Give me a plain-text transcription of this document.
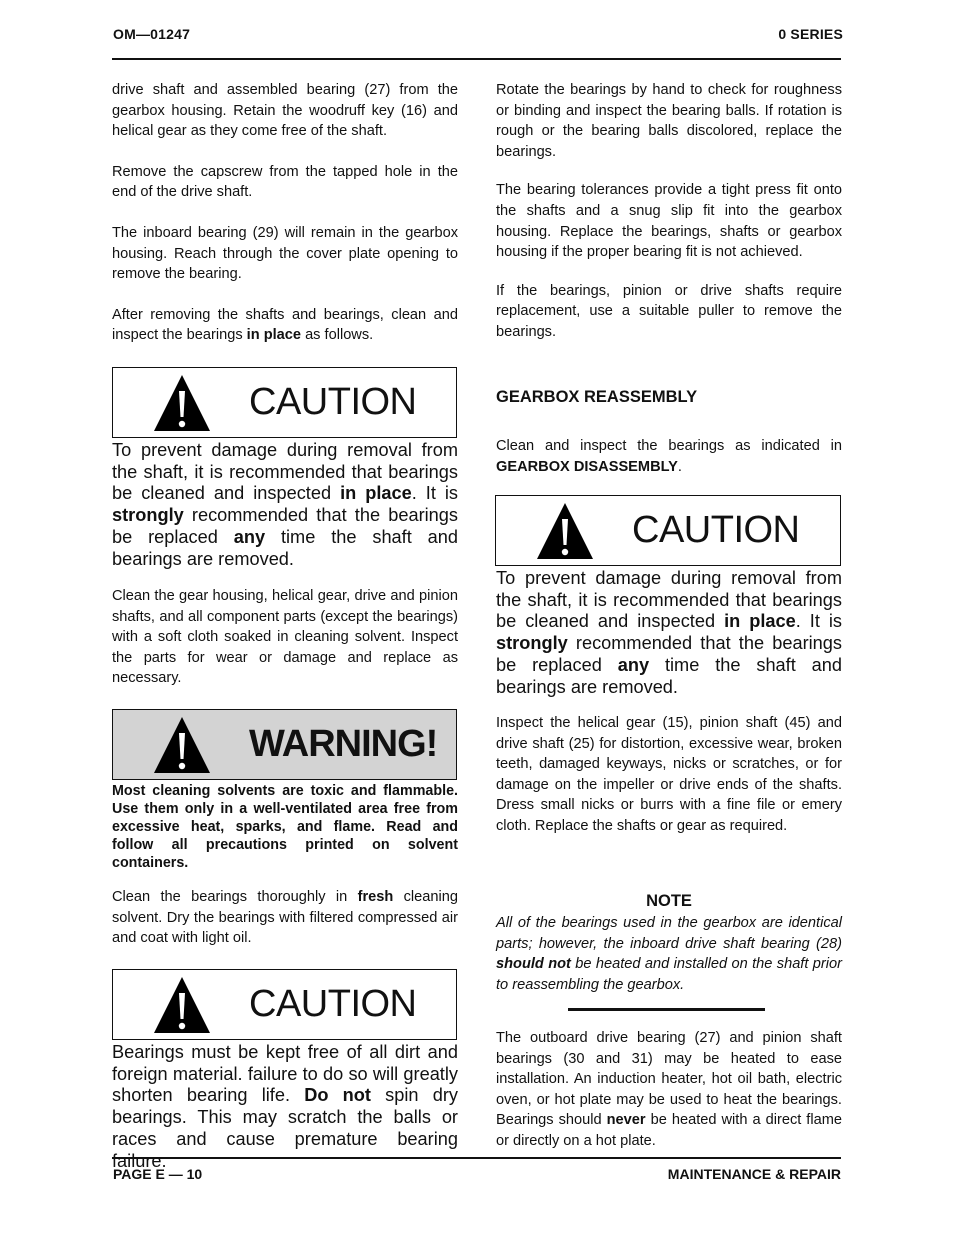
OM—01247	0 SERIES

drive shaft and assembled bearing (27) from the gearbox housing. Retain the woodruff key (16) and helical gear as they come free of the shaft.

Remove the capscrew from the tapped hole in the end of the drive shaft.

The inboard bearing (29) will remain in the gearbox housing. Reach through the cover plate opening to remove the bearing.

After removing the shafts and bearings, clean and inspect the bearings in place as follows.

CAUTION

To prevent damage during removal from the shaft, it is recommended that bearings be cleaned and inspected in place. It is strongly recommended that the bearings be replaced any time the shaft and bearings are removed.

Clean the gear housing, helical gear, drive and pinion shafts, and all component parts (except the bearings) with a soft cloth soaked in cleaning solvent. Inspect the parts for wear or damage and replace as necessary.

WARNING!

Most cleaning solvents are toxic and flammable. Use them only in a well-ventilated area free from excessive heat, sparks, and flame. Read and follow all precautions printed on solvent containers.

Clean the bearings thoroughly in fresh cleaning solvent. Dry the bearings with filtered compressed air and coat with light oil.

CAUTION

Bearings must be kept free of all dirt and foreign material. failure to do so will greatly shorten bearing life. Do not spin dry bearings. This may scratch the balls or races and cause premature bearing failure.

Rotate the bearings by hand to check for roughness or binding and inspect the bearing balls. If rotation is rough or the bearing balls discolored, replace the bearings.

The bearing tolerances provide a tight press fit onto the shafts and a snug slip fit into the gearbox housing. Replace the bearings, shafts or gearbox housing if the proper bearing fit is not achieved.

If the bearings, pinion or drive shafts require replacement, use a suitable puller to remove the bearings.

GEARBOX REASSEMBLY

Clean and inspect the bearings as indicated in GEARBOX DISASSEMBLY.

CAUTION

To prevent damage during removal from the shaft, it is recommended that bearings be cleaned and inspected in place. It is strongly recommended that the bearings be replaced any time the shaft and bearings are removed.

Inspect the helical gear (15), pinion shaft (45) and drive shaft (25) for distortion, excessive wear, broken teeth, damaged keyways, nicks or scratches, or for damage on the impeller or drive ends of the shafts. Dress small nicks or burrs with a fine file or emery cloth. Replace the shafts or gear as required.

NOTE

All of the bearings used in the gearbox are identical parts; however, the inboard drive shaft bearing (28) should not be heated and installed on the shaft prior to reassembling the gearbox.

The outboard drive bearing (27) and pinion shaft bearings (30 and 31) may be heated to ease installation. An induction heater, hot oil bath, electric oven, or hot plate may be used to heat the bearings. Bearings should never be heated with a direct flame or directly on a hot plate.

PAGE E — 10	MAINTENANCE & REPAIR
